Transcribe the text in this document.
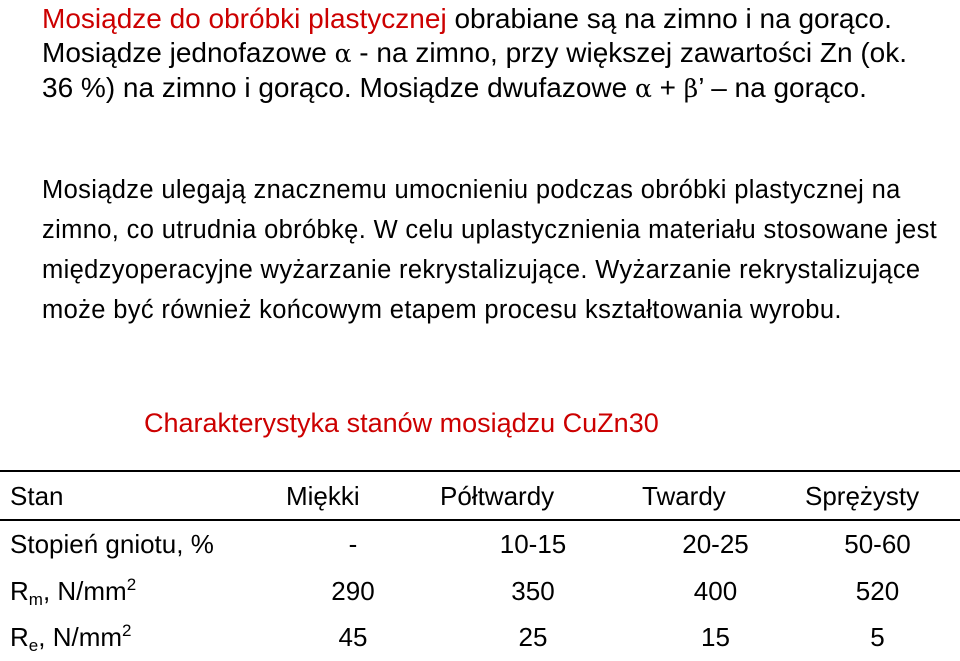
Mosiądze do obróbki plastycznej obrabiane są na zimno i na gorąco. Mosiądze jednofazowe α - na zimno, przy większej zawartości Zn (ok. 36 %) na zimno i gorąco. Mosiądze dwufazowe α + β’ – na gorąco.
Mosiądze ulegają znacznemu umocnieniu podczas obróbki plastycznej na zimno, co utrudnia obróbkę. W celu uplastycznienia materiału stosowane jest międzyoperacyjne wyżarzanie rekrystalizujące. Wyżarzanie rekrystalizujące może być również końcowym etapem procesu kształtowania wyrobu.
Charakterystyka stanów mosiądzu CuZn30
Stan	Miękki	Półtwardy	Twardy	Sprężysty
Stopień gniotu, %	-	10-15	20-25	50-60
$R_m$, $N/mm^2$	290	350	400	520
$R_e$, $N/mm^2$	45	25	15	5
